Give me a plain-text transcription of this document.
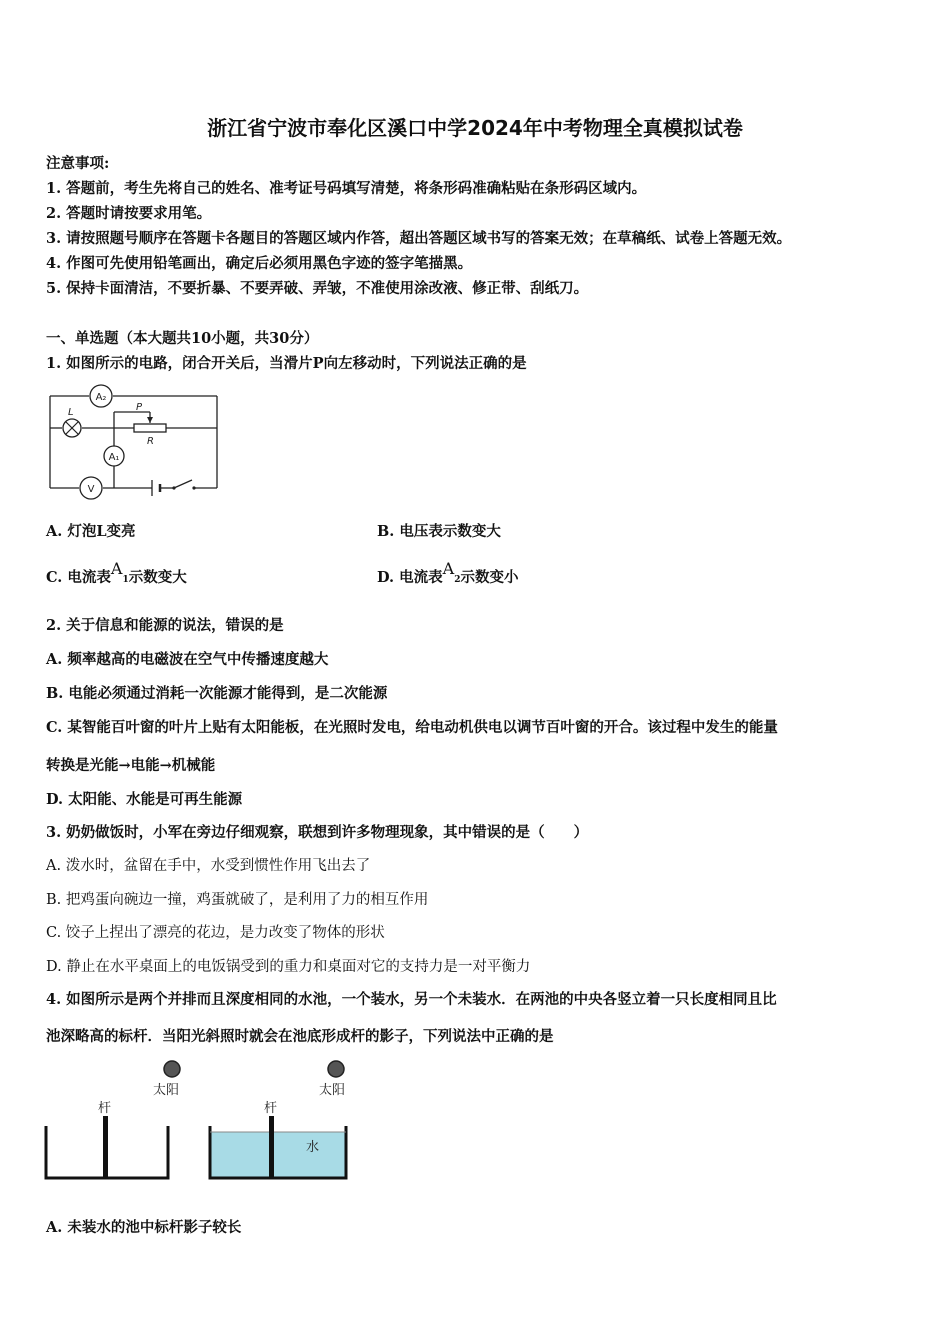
浙江省宁波市奉化区溪口中学2024年中考物理全真模拟试卷
注意事项:
1. 答题前，考生先将自己的姓名、准考证号码填写清楚，将条形码准确粘贴在条形码区域内。
2. 答题时请按要求用笔。
3. 请按照题号顺序在答题卡各题目的答题区域内作答，超出答题区域书写的答案无效；在草稿纸、试卷上答题无效。
4. 作图可先使用铅笔画出，确定后必须用黑色字迹的签字笔描黑。
5. 保持卡面清洁，不要折暴、不要弄破、弄皱，不准使用涂改液、修正带、刮纸刀。
一、单选题（本大题共10小题，共30分）
1. 如图所示的电路，闭合开关后，当滑片P向左移动时，下列说法正确的是
A₂
L	P
R
A₁
V
A. 灯泡L变亮	B. 电压表示数变大
C. 电流表A1示数变大	D. 电流表A2示数变小
2. 关于信息和能源的说法，错误的是
A. 频率越高的电磁波在空气中传播速度越大
B. 电能必须通过消耗一次能源才能得到，是二次能源
C. 某智能百叶窗的叶片上贴有太阳能板，在光照时发电，给电动机供电以调节百叶窗的开合。该过程中发生的能量
转换是光能→电能→机械能
D. 太阳能、水能是可再生能源
3. 奶奶做饭时，小军在旁边仔细观察，联想到许多物理现象，其中错误的是（　　）
A. 泼水时，盆留在手中，水受到惯性作用飞出去了
B. 把鸡蛋向碗边一撞，鸡蛋就破了，是利用了力的相互作用
C. 饺子上捏出了漂亮的花边，是力改变了物体的形状
D. 静止在水平桌面上的电饭锅受到的重力和桌面对它的支持力是一对平衡力
4. 如图所示是两个并排而且深度相同的水池，一个装水，另一个未装水．在两池的中央各竖立着一只长度相同且比
池深略高的标杆．当阳光斜照时就会在池底形成杆的影子，下列说法中正确的是
太阳	太阳
杆	杆
水
A. 未装水的池中标杆影子较长
